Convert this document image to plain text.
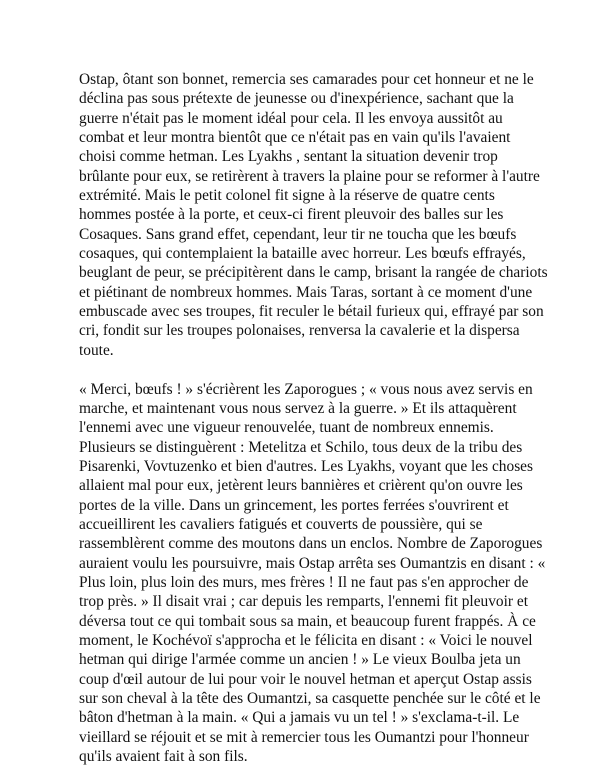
Ostap, ôtant son bonnet, remercia ses camarades pour cet honneur et ne le
déclina pas sous prétexte de jeunesse ou d'inexpérience, sachant que la
guerre n'était pas le moment idéal pour cela. Il les envoya aussitôt au
combat et leur montra bientôt que ce n'était pas en vain qu'ils l'avaient
choisi comme hetman. Les Lyakhs , sentant la situation devenir trop
brûlante pour eux, se retirèrent à travers la plaine pour se reformer à l'autre
extrémité. Mais le petit colonel fit signe à la réserve de quatre cents
hommes postée à la porte, et ceux-ci firent pleuvoir des balles sur les
Cosaques. Sans grand effet, cependant, leur tir ne toucha que les bœufs
cosaques, qui contemplaient la bataille avec horreur. Les bœufs effrayés,
beuglant de peur, se précipitèrent dans le camp, brisant la rangée de chariots
et piétinant de nombreux hommes. Mais Taras, sortant à ce moment d'une
embuscade avec ses troupes, fit reculer le bétail furieux qui, effrayé par son
cri, fondit sur les troupes polonaises, renversa la cavalerie et la dispersa
toute.

« Merci, bœufs ! » s'écrièrent les Zaporogues ; « vous nous avez servis en
marche, et maintenant vous nous servez à la guerre. » Et ils attaquèrent
l'ennemi avec une vigueur renouvelée, tuant de nombreux ennemis.
Plusieurs se distinguèrent : Metelitza et Schilo, tous deux de la tribu des
Pisarenki, Vovtuzenko et bien d'autres. Les Lyakhs, voyant que les choses
allaient mal pour eux, jetèrent leurs bannières et crièrent qu'on ouvre les
portes de la ville. Dans un grincement, les portes ferrées s'ouvrirent et
accueillirent les cavaliers fatigués et couverts de poussière, qui se
rassemblèrent comme des moutons dans un enclos. Nombre de Zaporogues
auraient voulu les poursuivre, mais Ostap arrêta ses Oumantzis en disant : «
Plus loin, plus loin des murs, mes frères ! Il ne faut pas s'en approcher de
trop près. » Il disait vrai ; car depuis les remparts, l'ennemi fit pleuvoir et
déversa tout ce qui tombait sous sa main, et beaucoup furent frappés. À ce
moment, le Kochévoï s'approcha et le félicita en disant : « Voici le nouvel
hetman qui dirige l'armée comme un ancien ! » Le vieux Boulba jeta un
coup d'œil autour de lui pour voir le nouvel hetman et aperçut Ostap assis
sur son cheval à la tête des Oumantzi, sa casquette penchée sur le côté et le
bâton d'hetman à la main. « Qui a jamais vu un tel ! » s'exclama-t-il. Le
vieillard se réjouit et se mit à remercier tous les Oumantzi pour l'honneur
qu'ils avaient fait à son fils.
